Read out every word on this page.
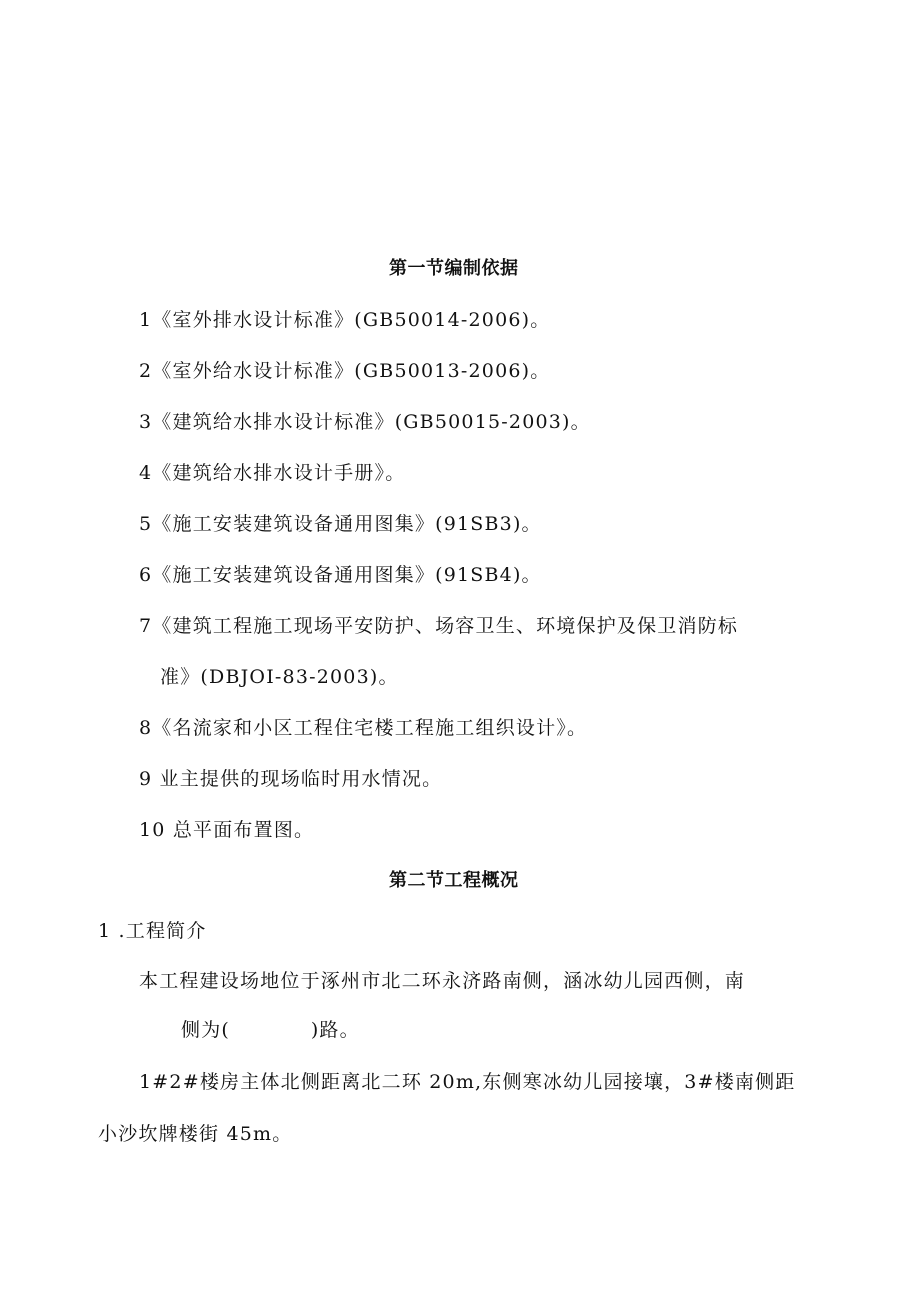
第一节编制依据
1《室外排水设计标准》(GB50014-2006)。
2《室外给水设计标准》(GB50013-2006)。
3《建筑给水排水设计标准》(GB50015-2003)。
4《建筑给水排水设计手册》。
5《施工安装建筑设备通用图集》(91SB3)。
6《施工安装建筑设备通用图集》(91SB4)。
7《建筑工程施工现场平安防护、场容卫生、环境保护及保卫消防标
准》(DBJOI-83-2003)。
8《名流家和小区工程住宅楼工程施工组织设计》。
9 业主提供的现场临时用水情况。
10 总平面布置图。
第二节工程概况
1 .工程简介
本工程建设场地位于涿州市北二环永济路南侧，涵冰幼儿园西侧，南
侧为(　　　　)路。
1#2#楼房主体北侧距离北二环 20m,东侧寒冰幼儿园接壤，3#楼南侧距
小沙坎牌楼街 45m。
